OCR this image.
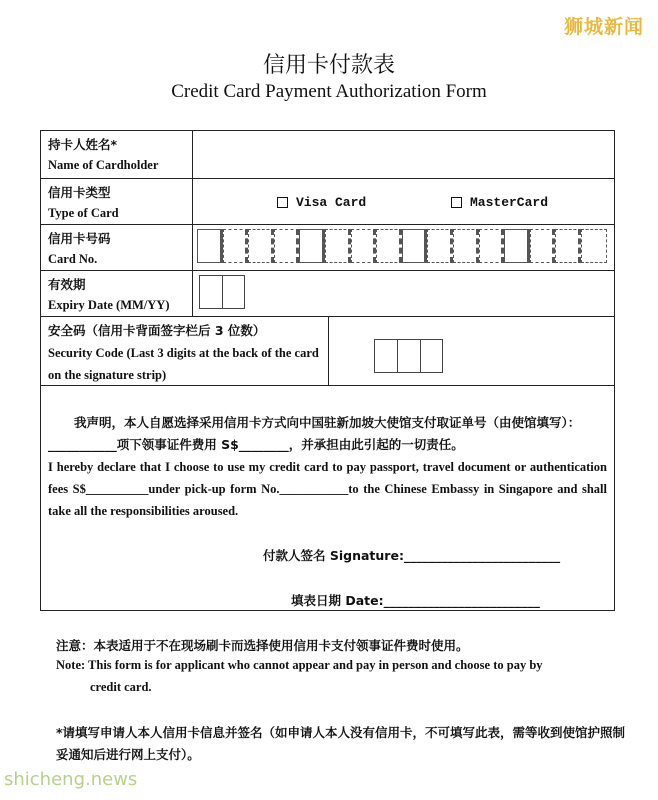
狮城新闻
信用卡付款表
Credit Card Payment Authorization Form
持卡人姓名*
Name of Cardholder
信用卡类型
Type of Card
Visa Card	MasterCard
信用卡号码
Card No.
有效期
Expiry Date (MM/YY)
安全码（信用卡背面签字栏后 3 位数）
Security Code (Last 3 digits at the back of the card on the signature strip)

我声明，本人自愿选择采用信用卡方式向中国驻新加坡大使馆支付取证单号（由使馆填写）：___________项下领事证件费用 S$________，并承担由此引起的一切责任。

I hereby declare that I choose to use my credit card to pay passport, travel document or authentication fees S$__________under pick-up form No.___________to the Chinese Embassy in Singapore and shall take all the responsibilities aroused.

付款人签名 Signature:_________________________
填表日期 Date:_________________________
注意：本表适用于不在现场刷卡而选择使用信用卡支付领事证件费时使用。
Note: This form is for applicant who cannot appear and pay in person and choose to pay by
credit card.
*请填写申请人本人信用卡信息并签名（如申请人本人没有信用卡，不可填写此表，需等收到使馆护照制妥通知后进行网上支付）。
shicheng.news
